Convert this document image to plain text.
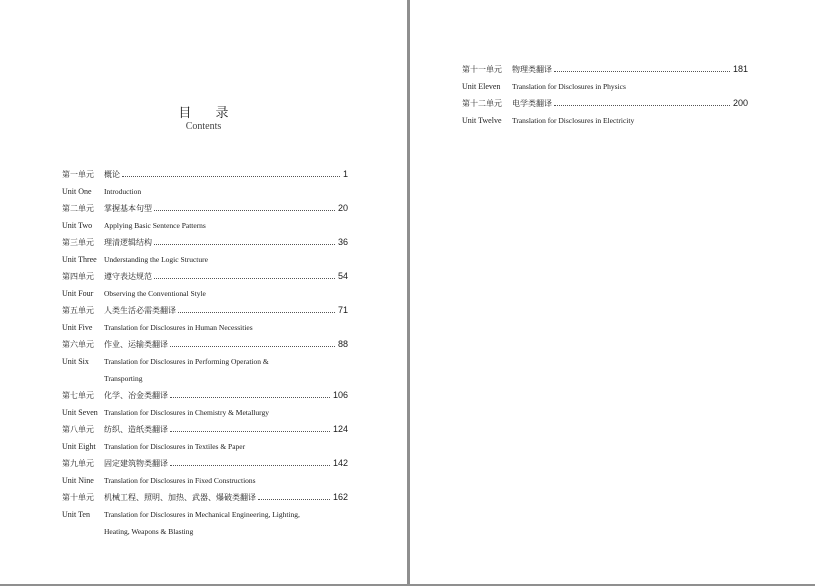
目 录
Contents
第一单元	概论	1
Unit One	Introduction
第二单元	掌握基本句型	20
Unit Two	Applying Basic Sentence Patterns
第三单元	理清逻辑结构	36
Unit Three Understanding the Logic Structure
第四单元	遵守表达规范	54
Unit Four	Observing the Conventional Style
第五单元	人类生活必需类翻译	71
Unit Five	Translation for Disclosures in Human Necessities
第六单元	作业、运输类翻译	88
Unit Six	Translation for Disclosures in Performing Operation &
Transporting
第七单元	化学、冶金类翻译	106
Unit Seven Translation for Disclosures in Chemistry & Metallurgy
第八单元	纺织、造纸类翻译	124
Unit Eight	Translation for Disclosures in Textiles & Paper
第九单元	固定建筑物类翻译	142
Unit Nine	Translation for Disclosures in Fixed Constructions
第十单元	机械工程、照明、加热、武器、爆破类翻译	162
Unit Ten	Translation for Disclosures in Mechanical Engineering, Lighting,
Heating, Weapons & Blasting
第十一单元	物理类翻译	181
Unit Eleven	Translation for Disclosures in Physics
第十二单元	电学类翻译	200
Unit Twelve	Translation for Disclosures in Electricity
